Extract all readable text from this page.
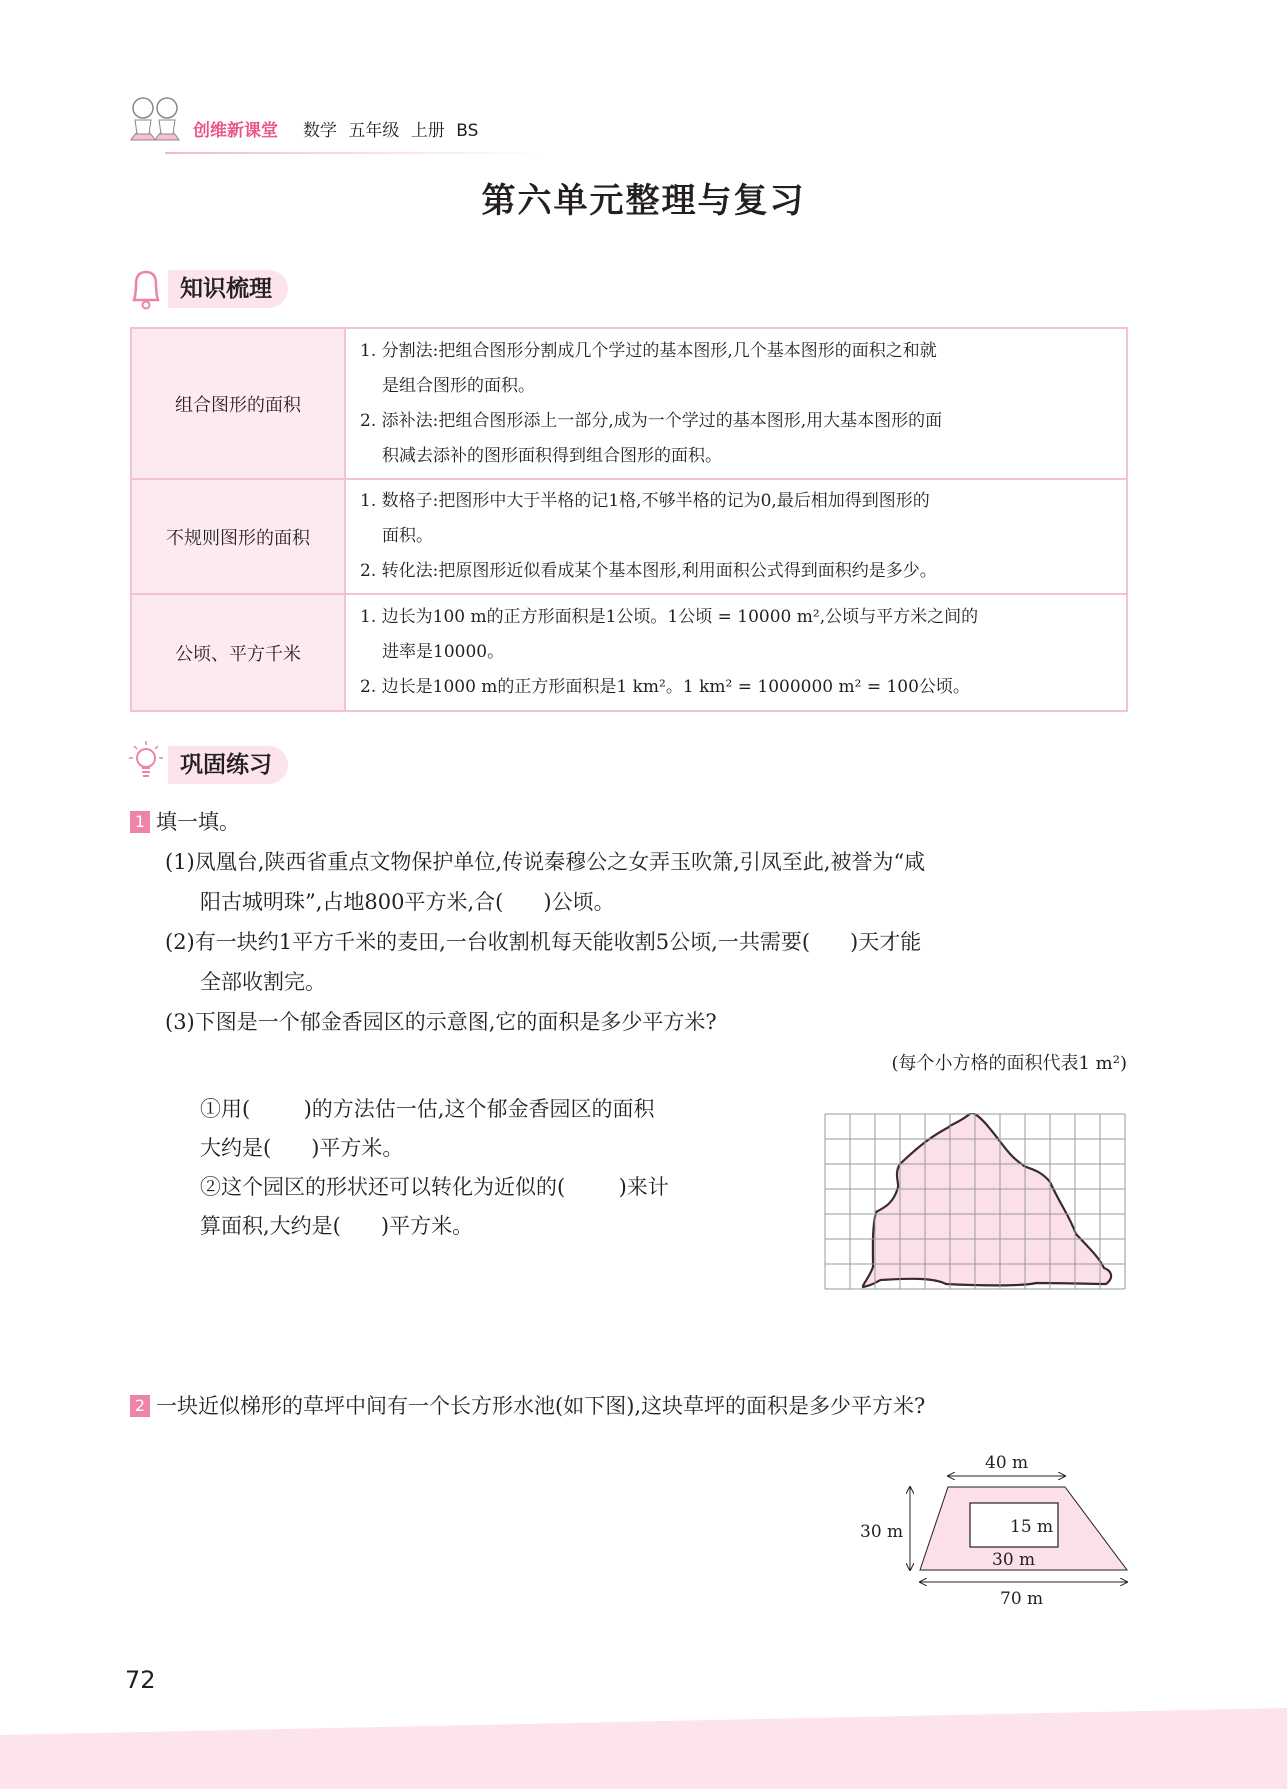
创维新课堂 数学 五年级 上册 BS
第六单元整理与复习
知识梳理
组合图形的面积	1. 分割法:把组合图形分割成几个学过的基本图形,几个基本图形的面积之和就
是组合图形的面积。
2. 添补法:把组合图形添上一部分,成为一个学过的基本图形,用大基本图形的面
积减去添补的图形面积得到组合图形的面积。

不规则图形的面积	1. 数格子:把图形中大于半格的记1格,不够半格的记为0,最后相加得到图形的
面积。
2. 转化法:把原图形近似看成某个基本图形,利用面积公式得到面积约是多少。

公顷、平方千米	1. 边长为100 m的正方形面积是1公顷。1公顷 = 10000 m²,公顷与平方米之间的
进率是10000。
2. 边长是1000 m的正方形面积是1 km²。1 km² = 1000000 m² = 100公顷。
巩固练习
1 填一填。
(1)凤凰台,陕西省重点文物保护单位,传说秦穆公之女弄玉吹箫,引凤至此,被誉为“咸
阳古城明珠”,占地800平方米,合(      )公顷。
(2)有一块约1平方千米的麦田,一台收割机每天能收割5公顷,一共需要(      )天才能
全部收割完。
(3)下图是一个郁金香园区的示意图,它的面积是多少平方米?
(每个小方格的面积代表1 m²)
①用(        )的方法估一估,这个郁金香园区的面积
大约是(      )平方米。
②这个园区的形状还可以转化为近似的(        )来计
算面积,大约是(      )平方米。
2 一块近似梯形的草坪中间有一个长方形水池(如下图),这块草坪的面积是多少平方米?
40 m
30 m	15 m
30 m
70 m
72
